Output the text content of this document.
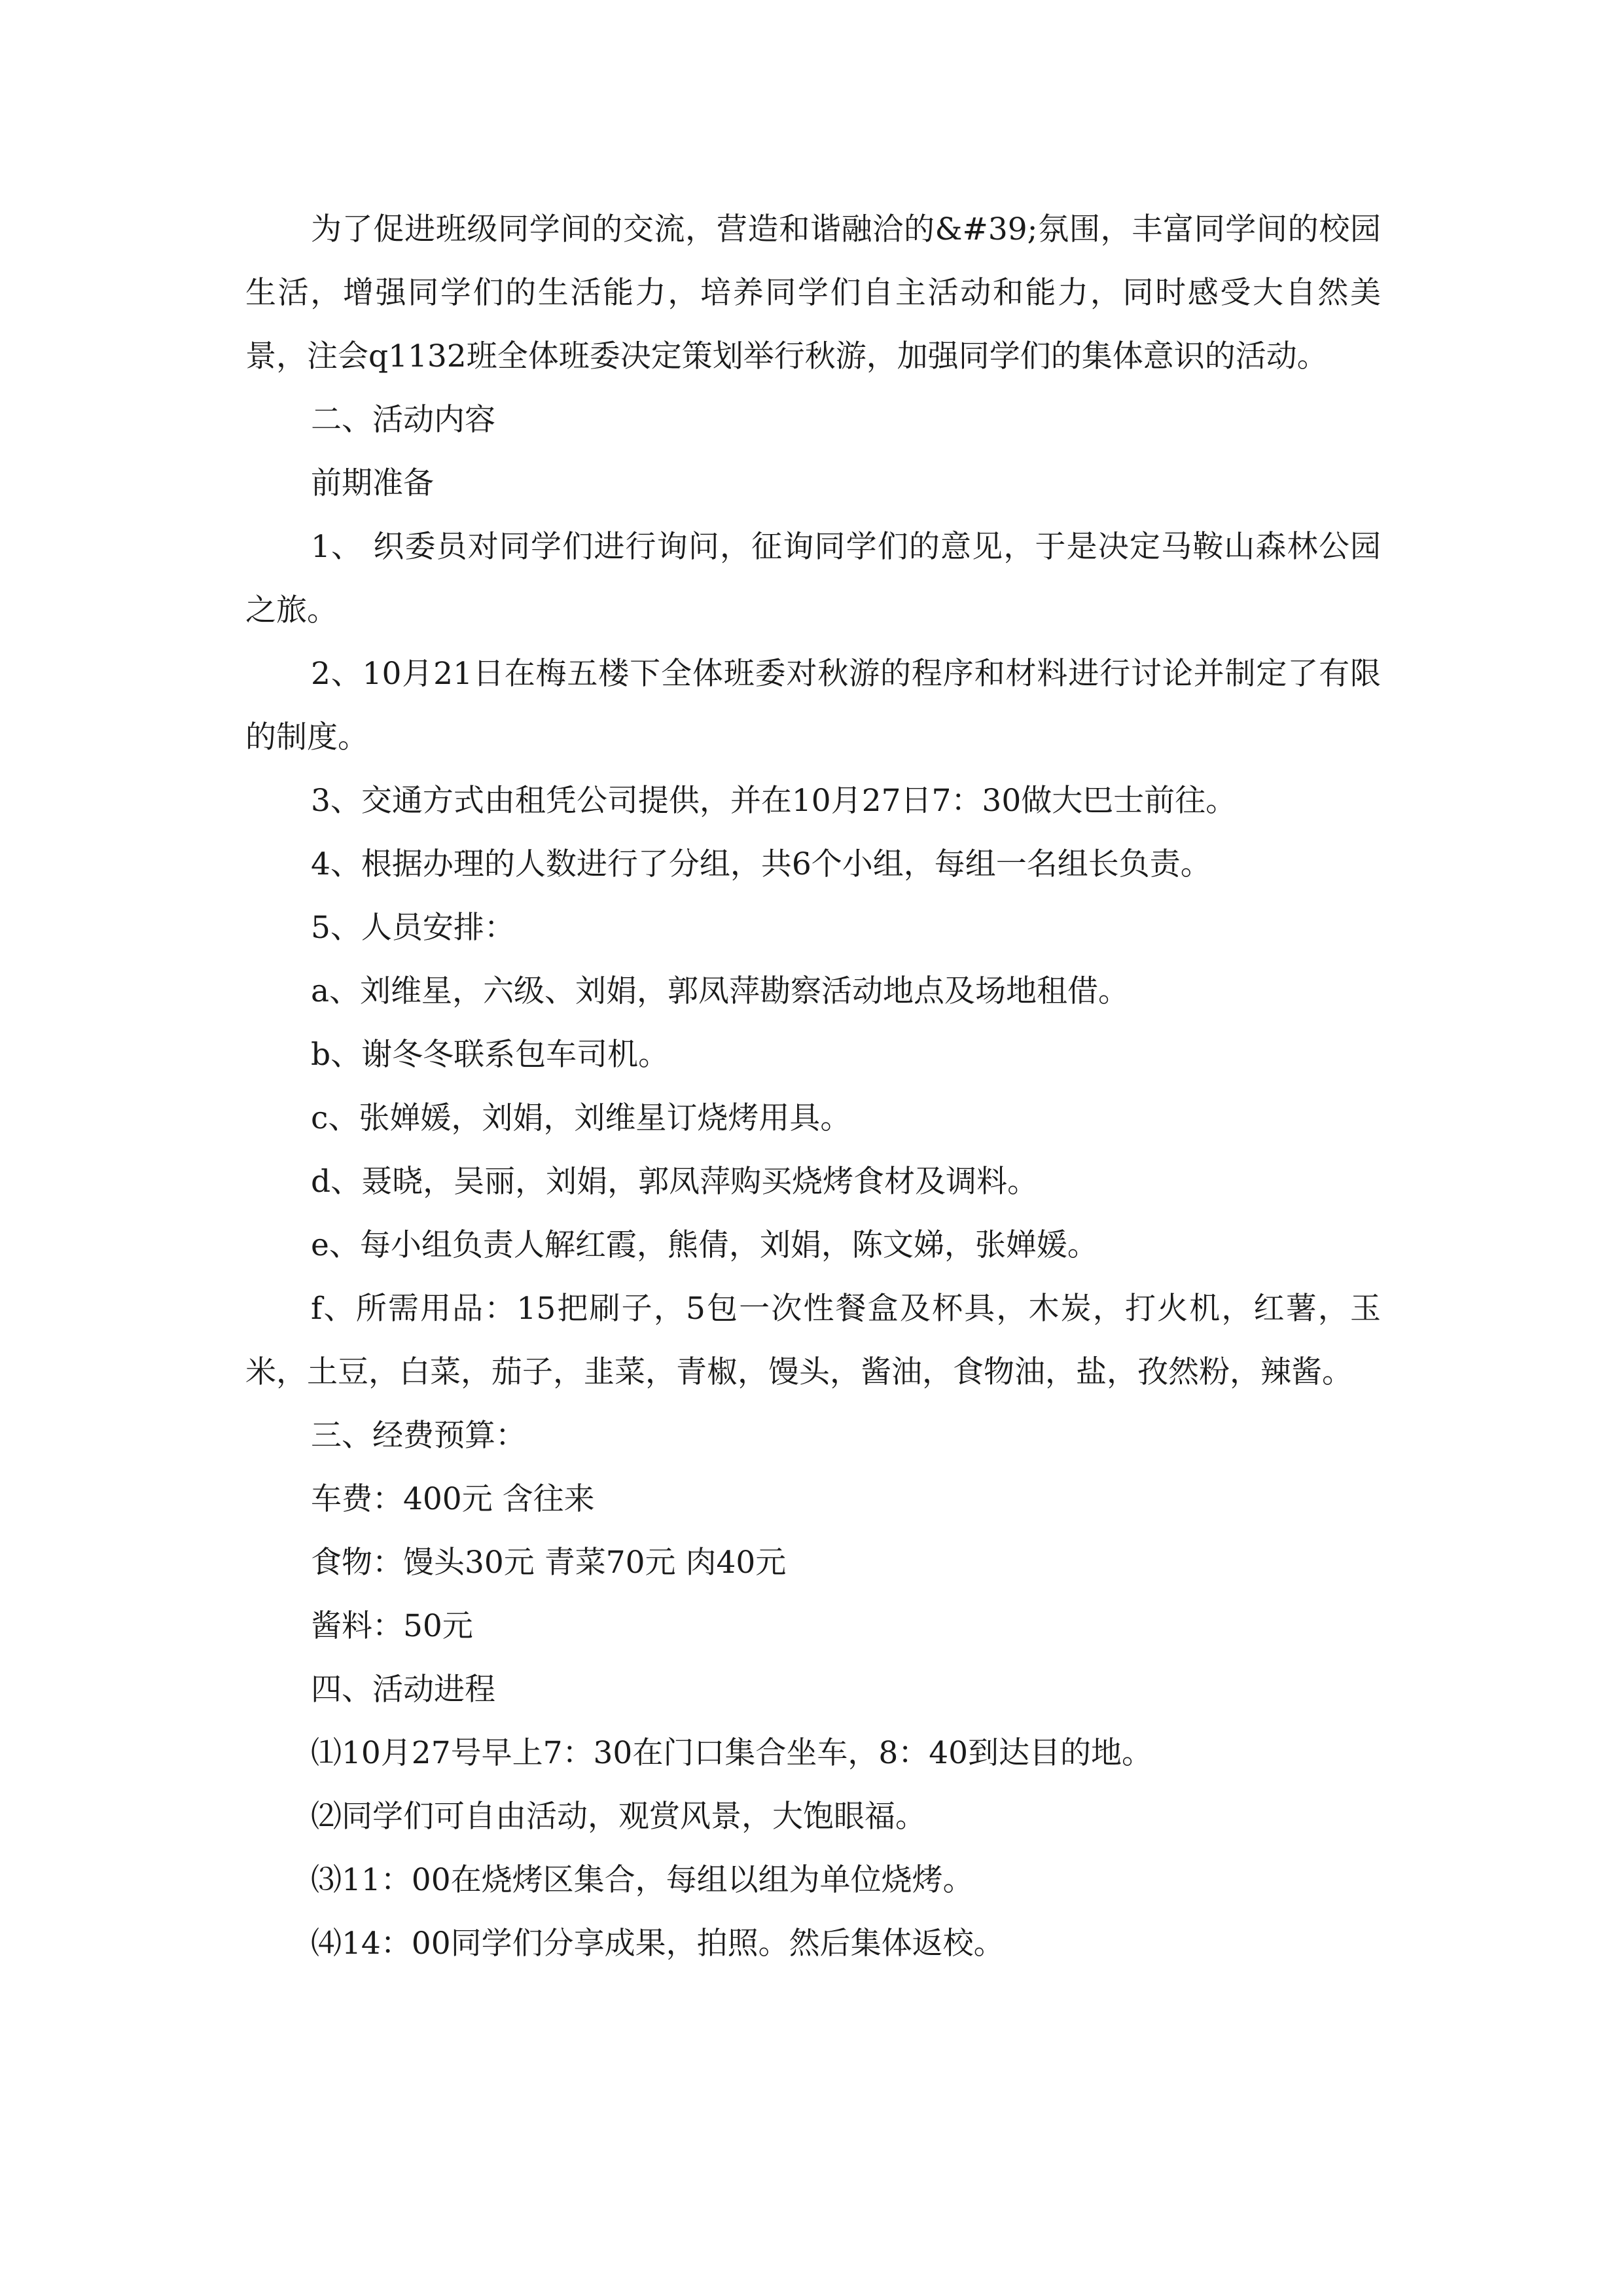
为了促进班级同学间的交流，营造和谐融洽的&#39;氛围，丰富同学间的校园生活，增强同学们的生活能力，培养同学们自主活动和能力，同时感受大自然美景，注会q1132班全体班委决定策划举行秋游，加强同学们的集体意识的活动。

二、活动内容

前期准备

1、 织委员对同学们进行询问，征询同学们的意见，于是决定马鞍山森林公园之旅。

2、10月21日在梅五楼下全体班委对秋游的程序和材料进行讨论并制定了有限的制度。

3、交通方式由租凭公司提供，并在10月27日7：30做大巴士前往。

4、根据办理的人数进行了分组，共6个小组，每组一名组长负责。

5、人员安排：

a、刘维星，六级、刘娟，郭凤萍勘察活动地点及场地租借。

b、谢冬冬联系包车司机。

c、张婵媛，刘娟，刘维星订烧烤用具。

d、聂晓，吴丽，刘娟，郭凤萍购买烧烤食材及调料。

e、每小组负责人解红霞，熊倩，刘娟，陈文娣，张婵媛。

f、所需用品：15把刷子，5包一次性餐盒及杯具，木炭，打火机，红薯，玉米，土豆，白菜，茄子，韭菜，青椒，馒头，酱油，食物油，盐，孜然粉，辣酱。

三、经费预算：

车费：400元 含往来

食物：馒头30元 青菜70元 肉40元

酱料：50元

四、活动进程

⑴10月27号早上7：30在门口集合坐车，8：40到达目的地。

⑵同学们可自由活动，观赏风景，大饱眼福。

⑶11：00在烧烤区集合，每组以组为单位烧烤。

⑷14：00同学们分享成果，拍照。然后集体返校。
